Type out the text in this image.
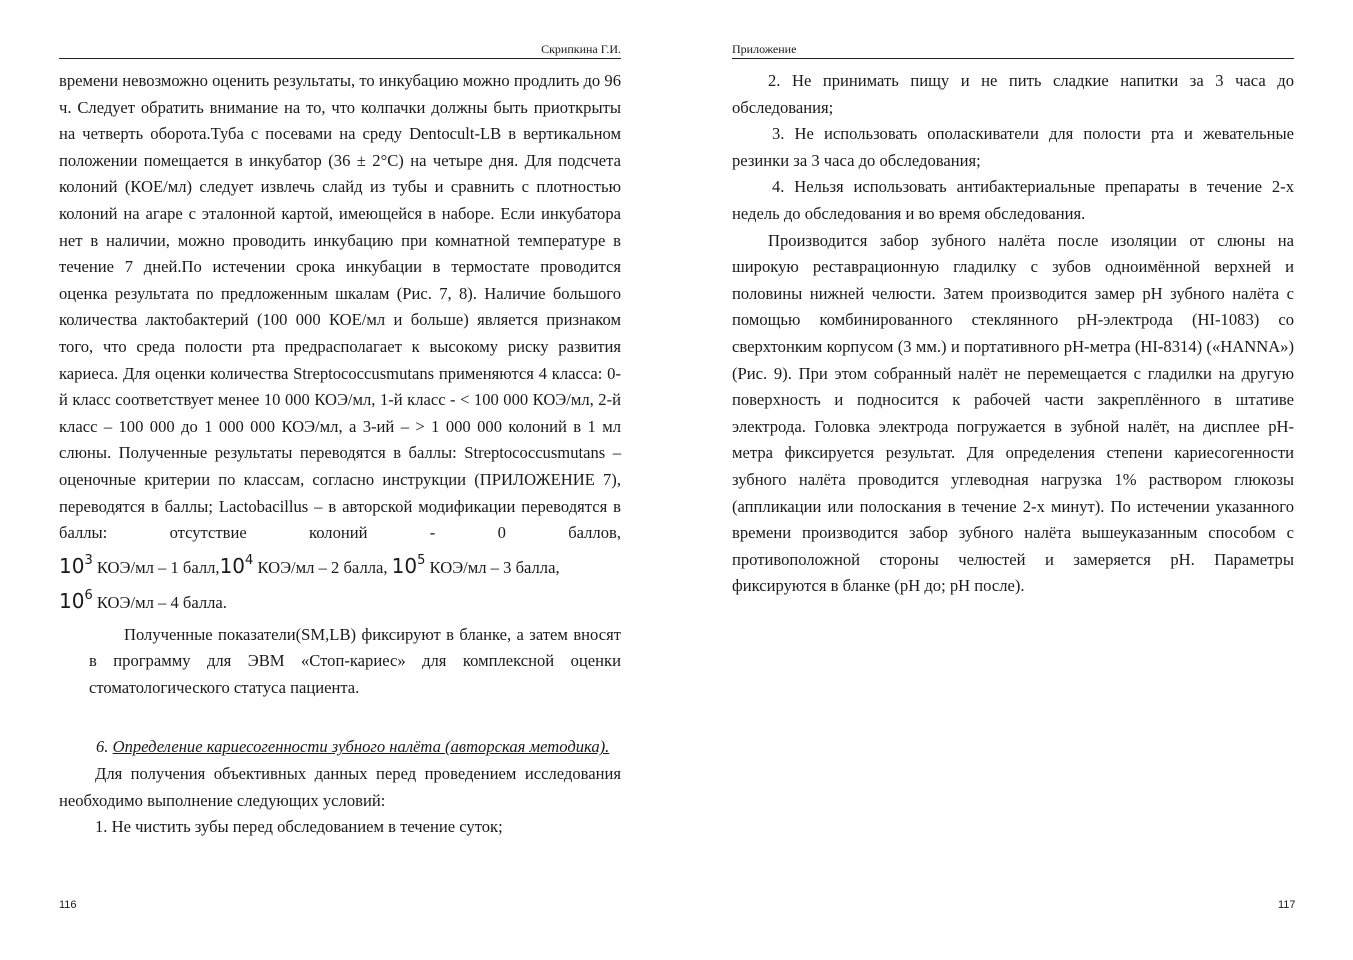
Скрипкина Г.И.

времени невозможно оценить результаты, то инкубацию можно продлить до 96 ч. Следует обратить внимание на то, что колпачки должны быть приоткрыты на четверть оборота.Туба с посевами на среду Dentocult-LB в вертикальном положении помещается в инкубатор (36 ± 2°С) на четыре дня. Для подсчета колоний (КОЕ/мл) следует извлечь слайд из тубы и сравнить с плотностью колоний на агаре с эталонной картой, имеющейся в наборе. Если инкубатора нет в наличии, можно проводить инкубацию при комнатной температуре в течение 7 дней.По истечении срока инкубации в термостате проводится оценка результата по предложенным шкалам (Рис. 7, 8). Наличие большого количества лактобактерий (100 000 КОЕ/мл и больше) является признаком того, что среда полости рта предрасполагает к высокому риску развития кариеса. Для оценки количества Streptococcusmutans применяются 4 класса: 0-й класс соответствует менее 10 000 КОЭ/мл, 1-й класс - < 100 000 КОЭ/мл, 2-й класс – 100 000 до 1 000 000 КОЭ/мл, а 3-ий – > 1 000 000 колоний в 1 мл слюны. Полученные результаты переводятся в баллы: Streptococcusmutans – оценочные критерии по классам, согласно инструкции (ПРИЛОЖЕНИЕ 7), переводятся в баллы; Lactobacillus – в авторской модификации переводятся в баллы: отсутствие колоний - 0 баллов,

$10^3$ КОЭ/мл – 1 $балл,10^4$ КОЭ/мл – 2 балла, $10^5$ КОЭ/мл – 3 балла,

$10^6$ КОЭ/мл – 4 балла.

Полученные показатели(SM,LB) фиксируют в бланке, а затем вносят в программу для ЭВМ «Стоп-кариес» для комплексной оценки стоматологического статуса пациента.

6. Определение кариесогенности зубного налёта (авторская методика).

Для получения объективных данных перед проведением исследования необходимо выполнение следующих условий:

1. Не чистить зубы перед обследованием в течение суток;

116
Приложение

2. Не принимать пищу и не пить сладкие напитки за 3 часа до обследования;

3. Не использовать ополаскиватели для полости рта и жевательные резинки за 3 часа до обследования;

4. Нельзя использовать антибактериальные препараты в течение 2-х недель до обследования и во время обследования.

Производится забор зубного налёта после изоляции от слюны на широкую реставрационную гладилку с зубов одноимённой верхней и половины нижней челюсти. Затем производится замер рН зубного налёта с помощью комбинированного стеклянного рН-электрода (HI-1083) со сверхтонким корпусом (3 мм.) и портативного рН-метра (HI-8314) («HANNA») (Рис. 9). При этом собранный налёт не перемещается с гладилки на другую поверхность и подносится к рабочей части закреплённого в штативе электрода. Головка электрода погружается в зубной налёт, на дисплее рН-метра фиксируется результат. Для определения степени кариесогенности зубного налёта проводится углеводная нагрузка 1% раствором глюкозы (аппликации или полоскания в течение 2-х минут). По истечении указанного времени производится забор зубного налёта вышеуказанным способом с противоположной стороны челюстей и замеряется рН. Параметры фиксируются в бланке (рН до; рН после).

117
